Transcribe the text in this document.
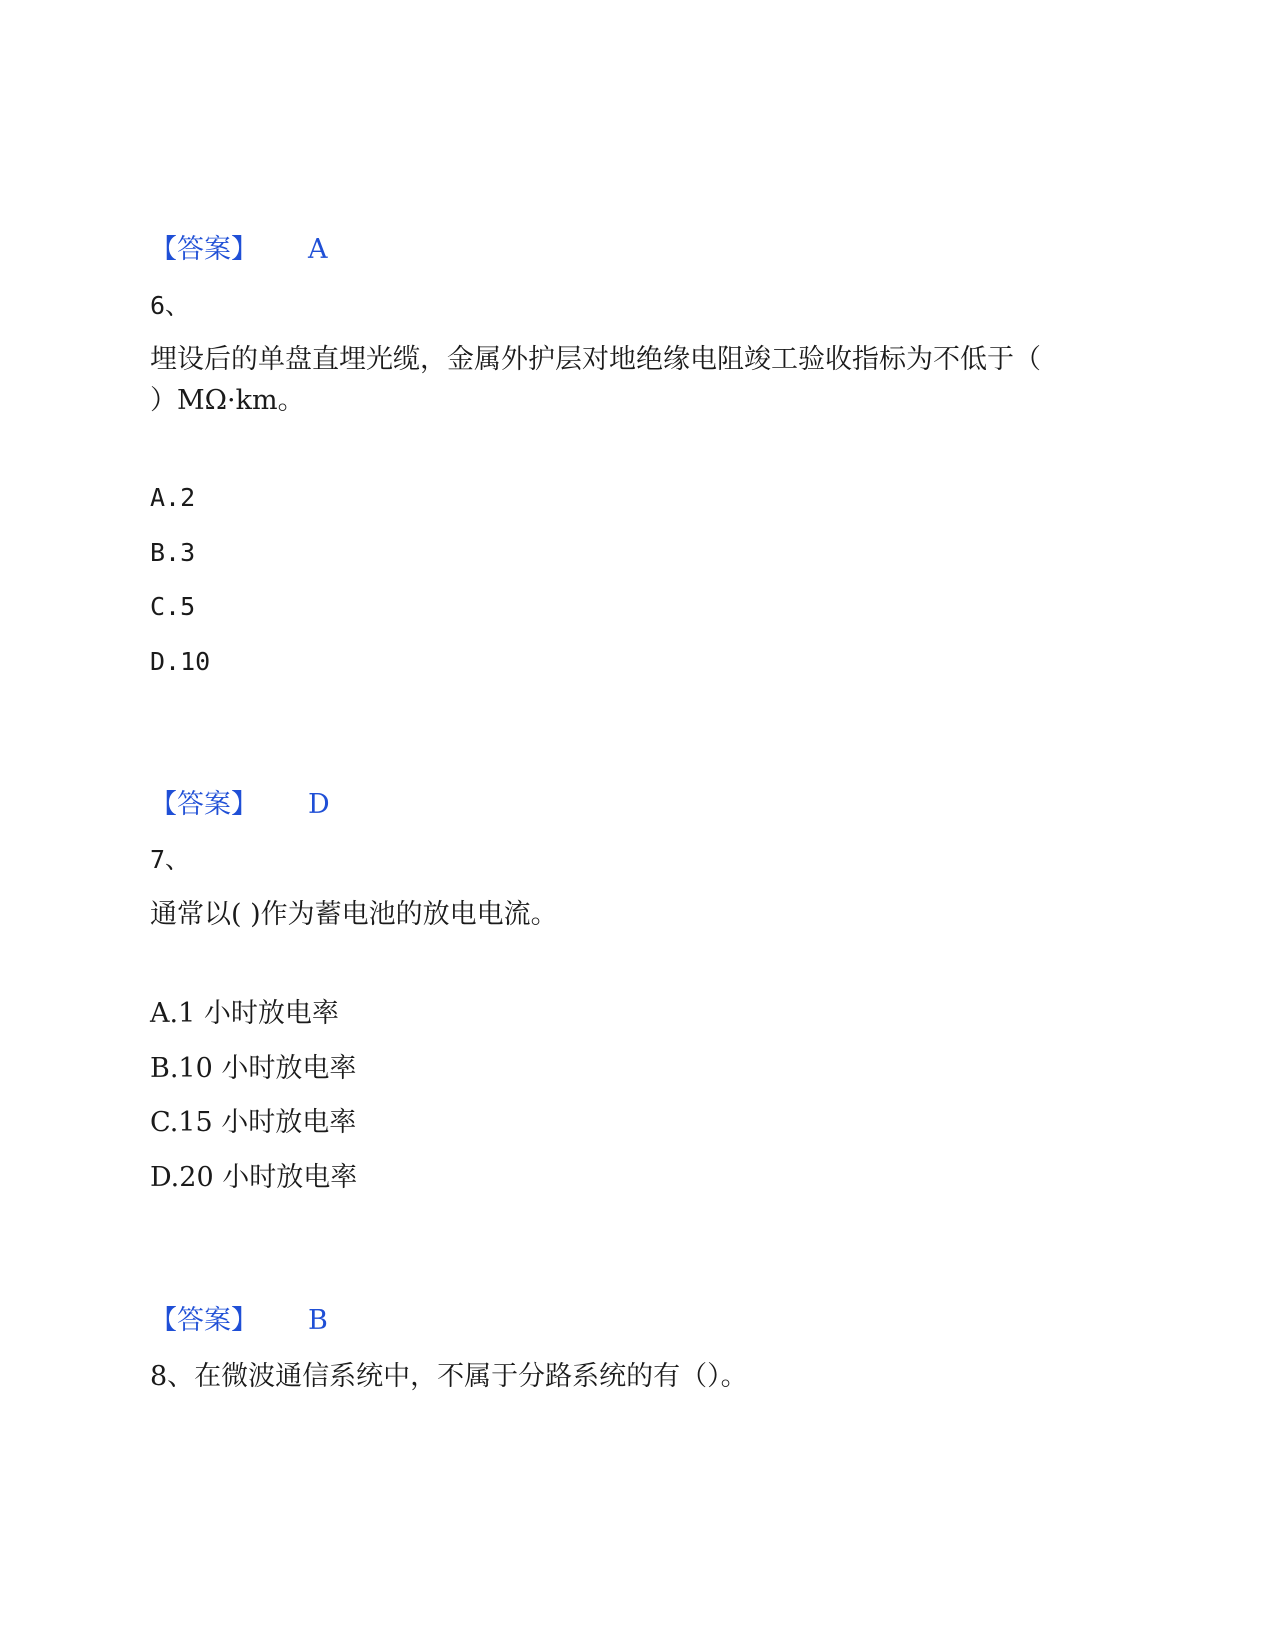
【答案】 A
6、
埋设后的单盘直埋光缆，金属外护层对地绝缘电阻竣工验收指标为不低于（
）MΩ·km。
A.2
B.3
C.5
D.10
【答案】 D
7、
通常以( )作为蓄电池的放电电流。
A.1 小时放电率
B.10 小时放电率
C.15 小时放电率
D.20 小时放电率
【答案】 B
8、在微波通信系统中，不属于分路系统的有（）。
